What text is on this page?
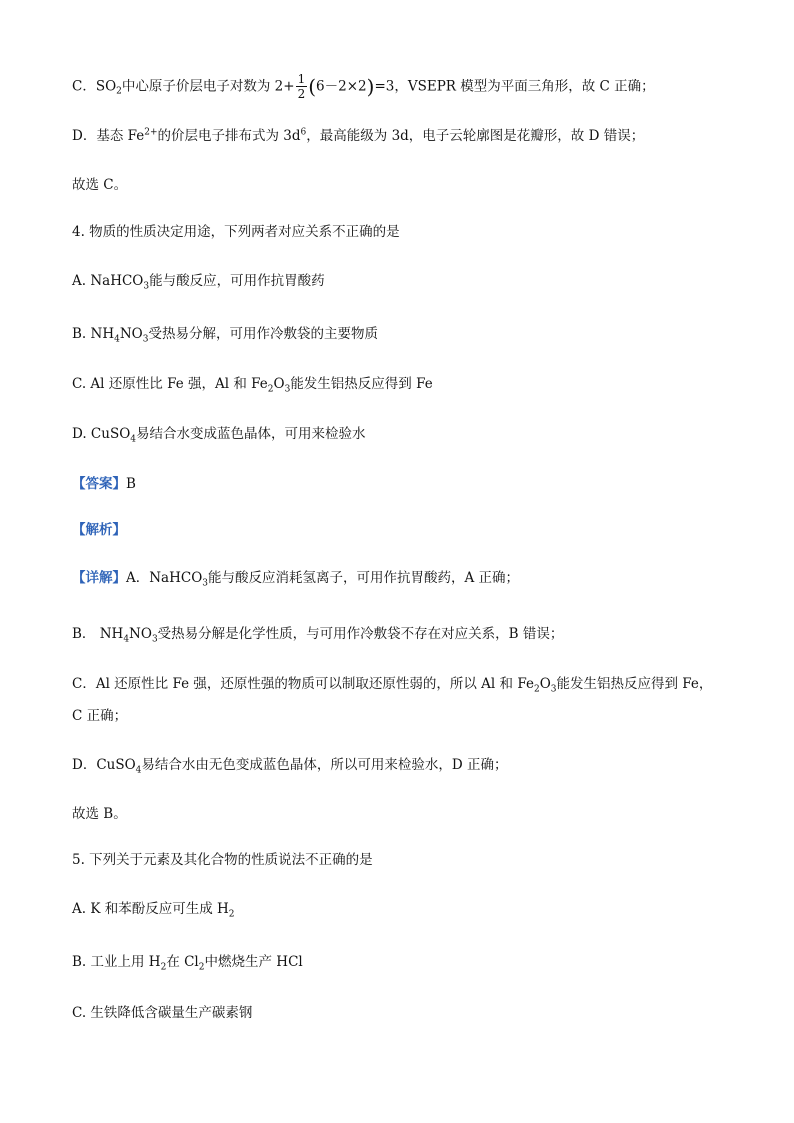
C．$SO_2$中心原子价层电子对数为 $2+ \frac{1}{2} (6-2\times 2)=3$，VSEPR 模型为平面三角形，故 C 正确；
D．基态 $Fe^{2+}$的价层电子排布式为 $3d^6$，最高能级为 3d，电子云轮廓图是花瓣形，故 D 错误；
故选 C。
4. 物质的性质决定用途，下列两者对应关系不正确的是
A. NaHCO$_3$能与酸反应，可用作抗胃酸药
B. $NH_4NO_3$受热易分解，可用作冷敷袋的主要物质
C. Al 还原性比 Fe 强，Al 和 $Fe_2O_3$能发生铝热反应得到 Fe
D. CuSO$_4$易结合水变成蓝色晶体，可用来检验水
【答案】B
【解析】
【详解】A．NaHCO$_3$能与酸反应消耗氢离子，可用作抗胃酸药，A 正确；
B． $NH_4NO_3$受热易分解是化学性质，与可用作冷敷袋不存在对应关系，B 错误；
C．Al 还原性比 Fe 强，还原性强的物质可以制取还原性弱的，所以 Al 和 $Fe_2O_3$能发生铝热反应得到 Fe，
C 正确；
D．CuSO$_4$易结合水由无色变成蓝色晶体，所以可用来检验水，D 正确；
故选 B。
5. 下列关于元素及其化合物的性质说法不正确的是
A. K 和苯酚反应可生成 $H_2$
B. 工业上用 $H_2$在 $Cl_2$中燃烧生产 HCl
C. 生铁降低含碳量生产碳素钢
